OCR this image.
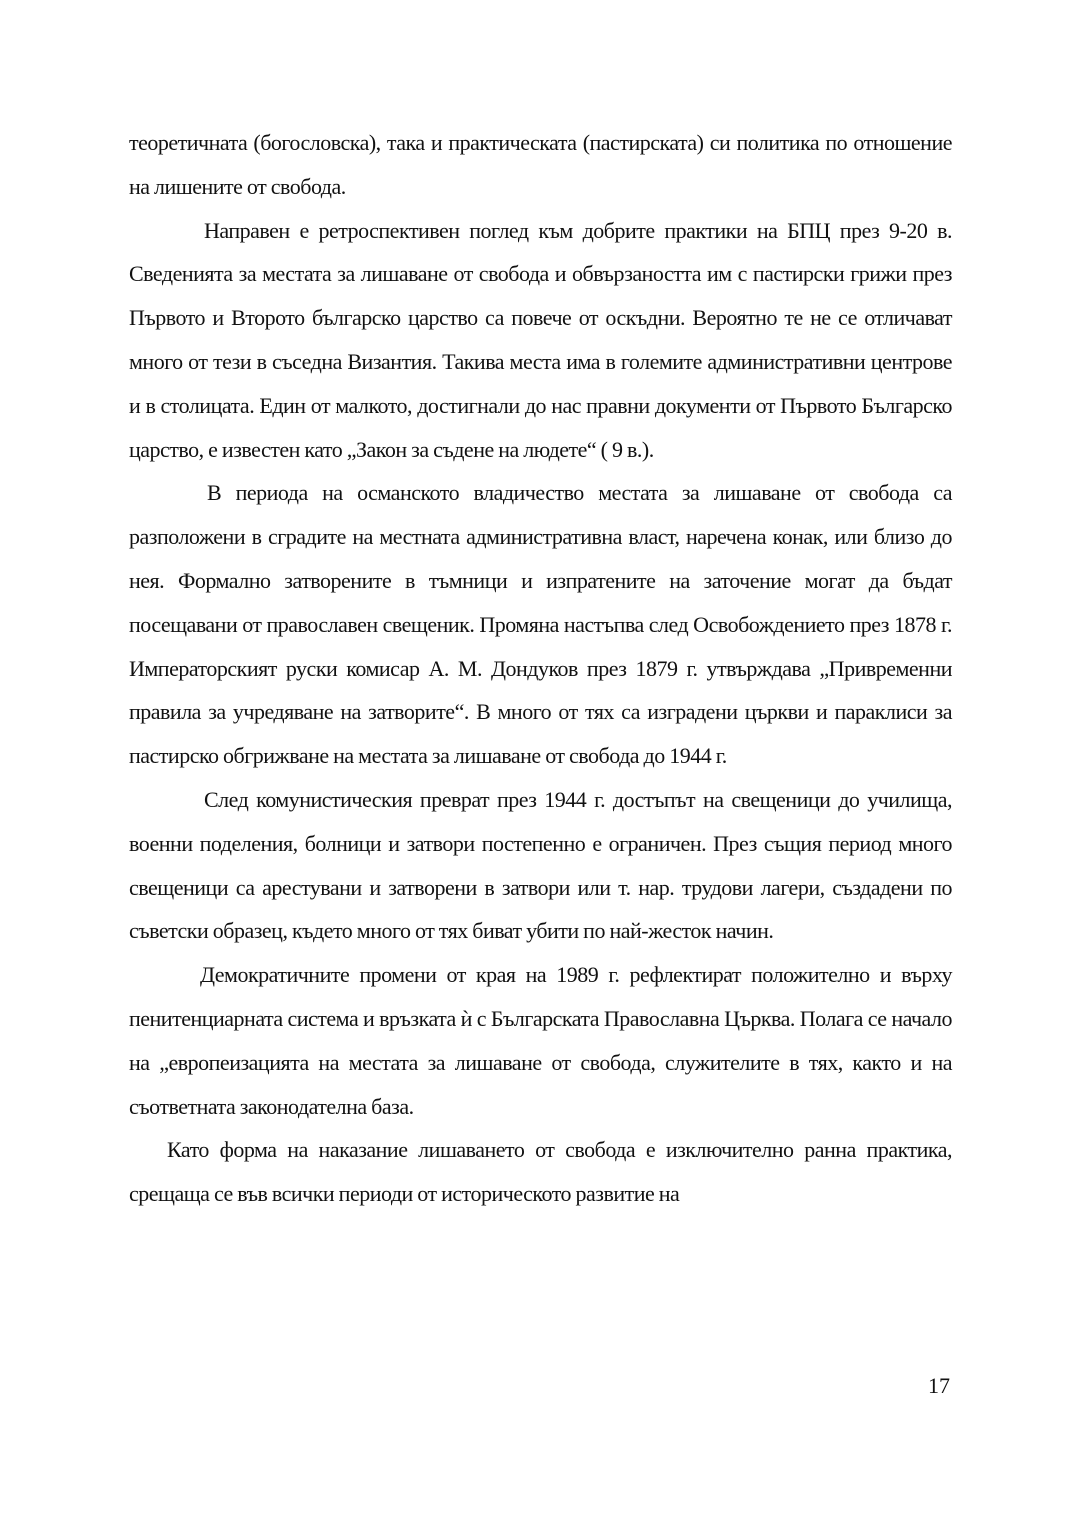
теоретичната (богословска), така и практическата (пастирската) си политика по отношение на лишените от свобода.

Направен е ретроспективен поглед към добрите практики на БПЦ през 9-20 в. Сведенията за местата за лишаване от свобода и обвързаността им с пастирски грижи през Първото и Второто българско царство са повече от оскъдни. Вероятно те не се отличават много от тези в съседна Византия. Такива места има в големите административни центрове и в столицата. Един от малкото, достигнали до нас правни документи от Първото Българско царство, е известен като „Закон за съдене на людете“ ( 9 в.).

В периода на османското владичество местата за лишаване от свобода са разположени в сградите на местната административна власт, наречена конак, или близо до нея. Формално затворените в тъмници и изпратените на заточение могат да бъдат посещавани от православен свещеник. Промяна настъпва след Освобождението през 1878 г. Императорският руски комисар А. М. Дондуков през 1879 г. утвърждава „Привременни правила за учредяване на затворите“. В много от тях са изградени църкви и параклиси за пастирско обгрижване на местата за лишаване от свобода до 1944 г.

След комунистическия преврат през 1944 г. достъпът на свещеници до училища, военни поделения, болници и затвори постепенно е ограничен. През същия период много свещеници са арестувани и затворени в затвори или т. нар. трудови лагери, създадени по съветски образец, където много от тях биват убити по най-жесток начин.

Демократичните промени от края на 1989 г. рефлектират положително и върху пенитенциарната система и връзката ѝ с Българската Православна Църква. Полага се начало на „европеизацията на местата за лишаване от свобода, служителите в тях, както и на съответната законодателна база.

Като форма на наказание лишаването от свобода е изключително ранна практика, срещаща се във всички периоди от историческото развитие на

17
